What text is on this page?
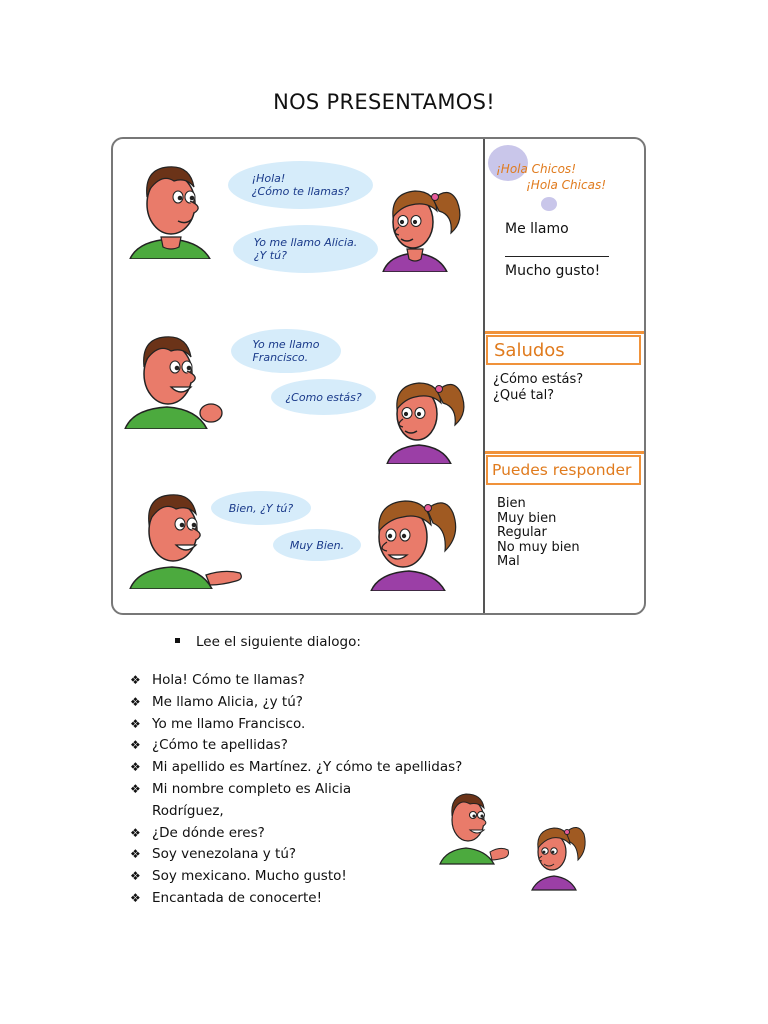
NOS PRESENTAMOS!
¡Hola!
¿Cómo te llamas?
Yo me llamo Alicia.
¿Y tú?
Yo me llamo
Francisco.
¿Como estás?
Bien, ¿Y tú?
Muy Bien.
¡Hola Chicos!
¡Hola Chicas!
Me llamo
Mucho gusto!
Saludos
¿Cómo estás?
¿Qué tal?
Puedes responder
Bien
Muy bien
Regular
No muy bien
Mal
Lee el siguiente dialogo:
❖ Hola! Cómo te llamas?
❖ Me llamo Alicia, ¿y tú?
❖ Yo me llamo Francisco.
❖ ¿Cómo te apellidas?
❖ Mi apellido es Martínez. ¿Y cómo te apellidas?
❖ Mi nombre completo es Alicia
Rodríguez,
❖ ¿De dónde eres?
❖ Soy venezolana y tú?
❖ Soy mexicano. Mucho gusto!
❖ Encantada de conocerte!
